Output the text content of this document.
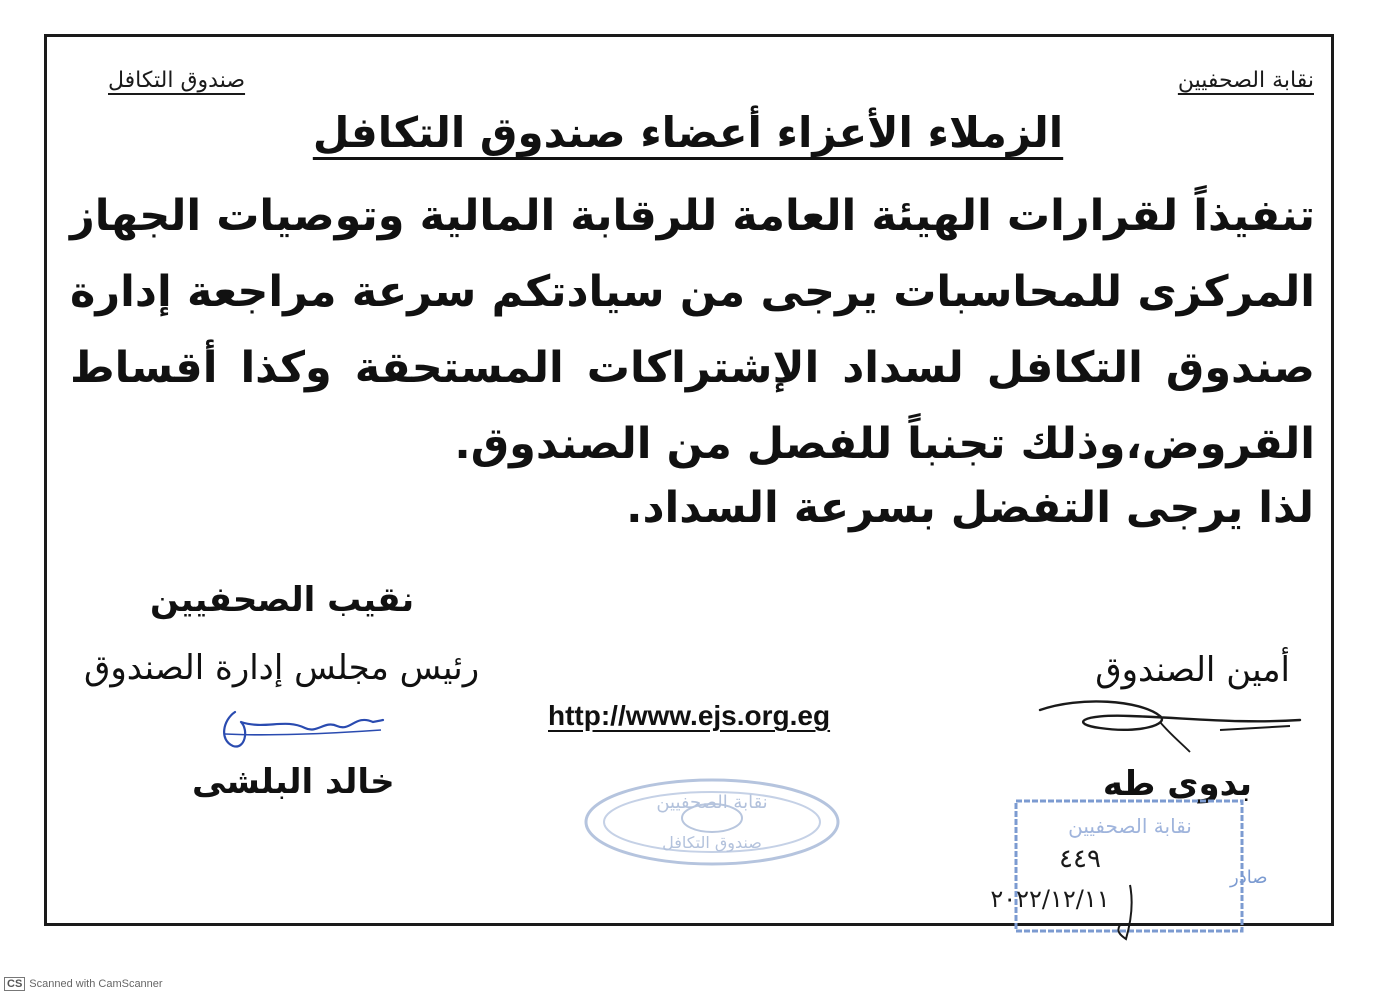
نقابة الصحفيين
صندوق التكافل
الزملاء الأعزاء أعضاء صندوق التكافل
تنفيذاً لقرارات الهيئة العامة للرقابة المالية وتوصيات الجهاز المركزى للمحاسبات يرجى من سيادتكم سرعة مراجعة إدارة صندوق التكافل لسداد الإشتراكات المستحقة وكذا أقساط القروض،وذلك تجنباً للفصل من الصندوق.
لذا يرجى التفضل بسرعة السداد.
نقيب الصحفيين
رئيس مجلس إدارة الصندوق
خالد البلشى
http://www.ejs.org.eg
أمين الصندوق
بدوى طه
نقابة الصحفيين
صندوق التكافل
نقابة الصحفيين
٤٤٩
صادر
٢٠٢٢/١٢/١١
CS Scanned with CamScanner
